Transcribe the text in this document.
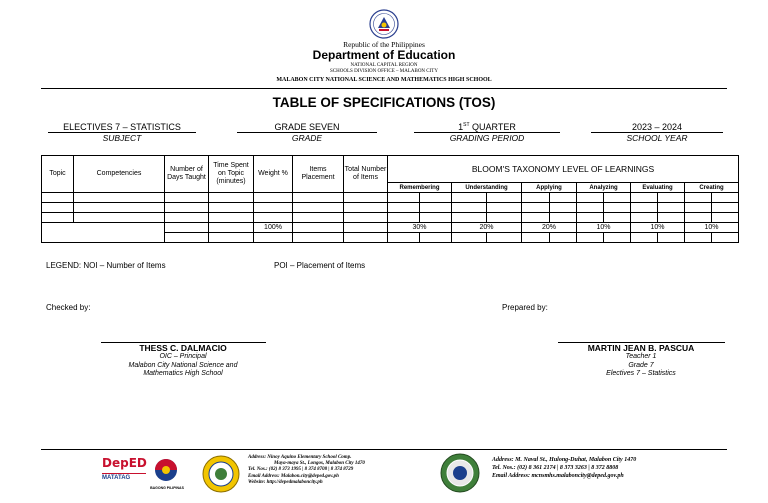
Republic of the Philippines
Department of Education
NATIONAL CAPITAL REGION
SCHOOLS DIVISION OFFICE – MALABON CITY
MALABON CITY NATIONAL SCIENCE AND MATHEMATICS HIGH SCHOOL
TABLE OF SPECIFICATIONS (TOS)
ELECTIVES 7 – STATISTICS
SUBJECT
GRADE SEVEN
GRADE
1ST QUARTER
GRADING PERIOD
2023 – 2024
SCHOOL YEAR
Topic	Competencies	Number of Days Taught	Time Spent on Topic (minutes)	Weight %	Items Placement	Total Number of Items	BLOOM'S TAXONOMY LEVEL OF LEARNINGS											
							Remembering		Understanding		Applying		Analyzing		Evaluating		Creating	

				100%			30%		20%		20%		10%		10%		10%	

LEGEND: NOI – Number of Items	POI – Placement of Items
Checked by:	Prepared by:
THESS C. DALMACIO
OIC – Principal
Malabon City National Science and
Mathematics High School
MARTIN JEAN B. PASCUA
Teacher 1
Grade 7
Electives 7 – Statistics
DepED
MATATAG
BAGONG PILIPINAS
Address: Ninoy Aquino Elementary School Comp.
Maya-maya St., Longos, Malabon City 1470
Tel. Nos.: (02) 8 373 1995 | 8 374 8708 | 8 374 8729
Email Address: Malabon.city@deped.gov.ph
Website: http://depedmalaboncity.ph
Address: M. Naval St., Hulong-Duhat, Malabon City 1470
Tel. Nos.: (02) 8 361 2174 | 8 373 3263 | 8 372 8808
Email Address: mcnsmhs.malaboncity@deped.gov.ph
